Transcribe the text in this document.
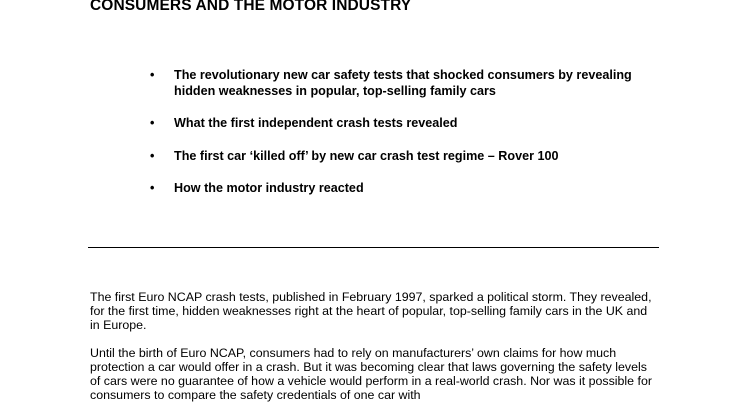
CONSUMERS AND THE MOTOR INDUSTRY
• The revolutionary new car safety tests that shocked consumers by revealing hidden weaknesses in popular, top-selling family cars
• What the first independent crash tests revealed
• The first car ‘killed off’ by new car crash test regime – Rover 100
• How the motor industry reacted

The first Euro NCAP crash tests, published in February 1997, sparked a political storm. They revealed, for the first time, hidden weaknesses right at the heart of popular, top-selling family cars in the UK and in Europe.

Until the birth of Euro NCAP, consumers had to rely on manufacturers’ own claims for how much protection a car would offer in a crash. But it was becoming clear that laws governing the safety levels of cars were no guarantee of how a vehicle would perform in a real-world crash. Nor was it possible for consumers to compare the safety credentials of one car with
